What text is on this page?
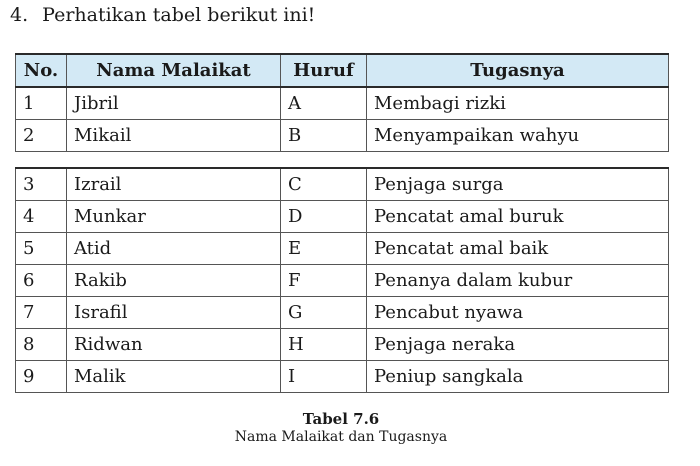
4. Perhatikan tabel berikut ini!
No.	Nama Malaikat	Huruf	Tugasnya
1	Jibril	A	Membagi rizki
2	Mikail	B	Menyampaikan wahyu
3	Izrail	C	Penjaga surga
4	Munkar	D	Pencatat amal buruk
5	Atid	E	Pencatat amal baik
6	Rakib	F	Penanya dalam kubur
7	Israfil	G	Pencabut nyawa
8	Ridwan	H	Penjaga neraka
9	Malik	I	Peniup sangkala
Tabel 7.6
Nama Malaikat dan Tugasnya
